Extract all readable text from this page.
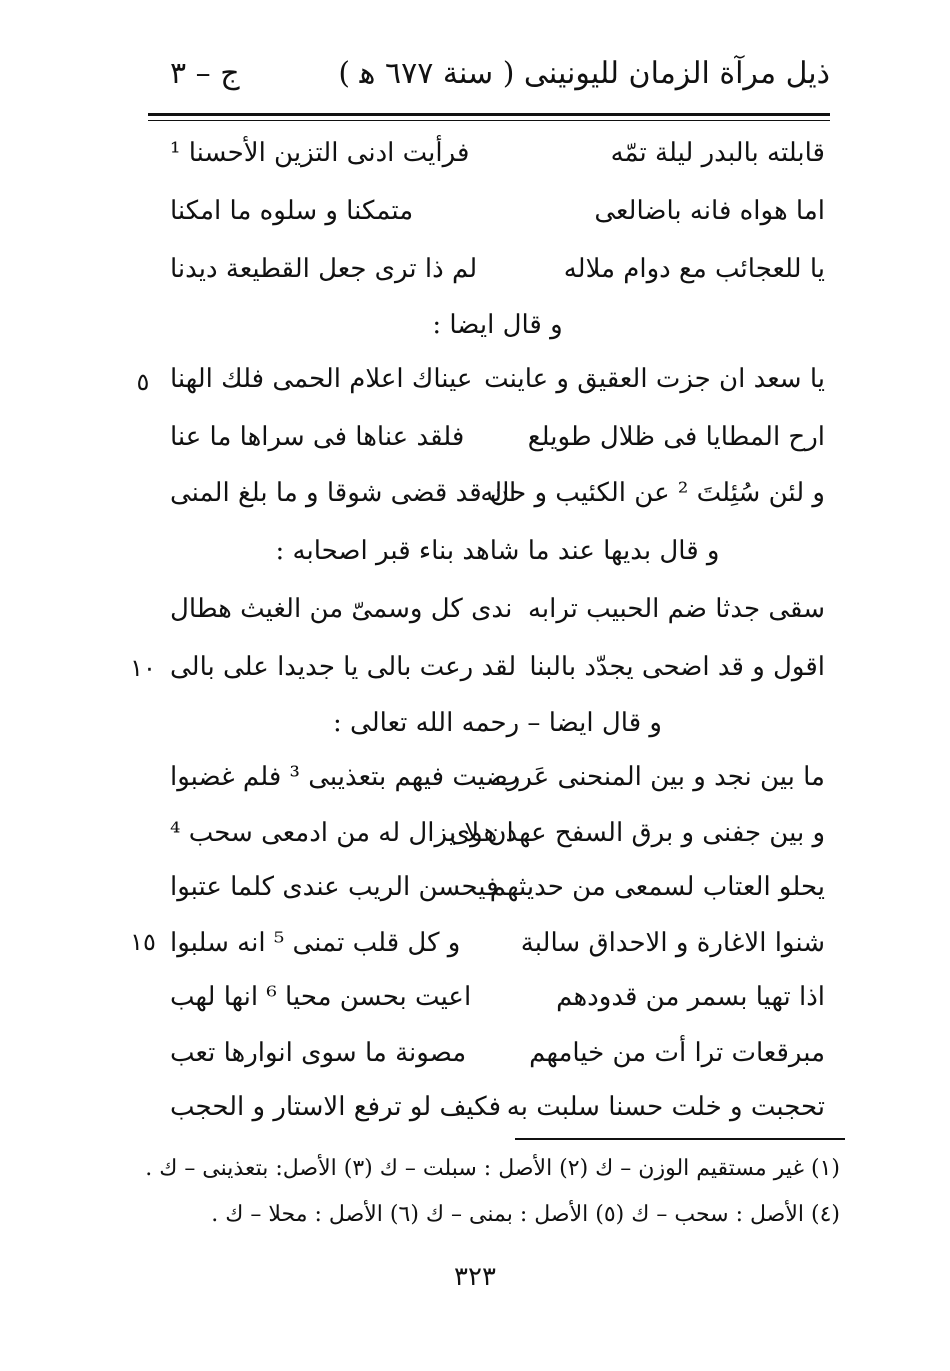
ذيل مرآة الزمان لليونينى ( سنة ٦٧٧ ﻫ )
ج – ٣
قابلته بالبدر ليلة تمّه
فرأيت ادنى التزين الأحسنا ¹
اما هواه فانه باضالعى
متمكنا و سلوه ما امكنا
يا للعجائب مع دوام ملاله
لم ذا ترى جعل القطيعة ديدنا
و قال ايضا :
يا سعد ان جزت العقيق و عاينت
عيناك اعلام الحمى فلك الهنا
٥
ارح المطايا فى ظلال طويلع
فلقد عناها فى سراها ما عنا
و لئن سُئِلتَ ² عن الكئيب و حاله
ان قد قضى شوقا و ما بلغ المنى
و قال بديها عند ما شاهد بناء قبر اصحابه :
سقى جدثا ضم الحبيب ترابه
ندى كل وسمىّ من الغيث هطال
اقول و قد اضحى يجدّد بالبنا
لقد رعت بالى يا جديدا على بالى
١٠
و قال ايضا – رحمه الله تعالى :
ما بين نجد و بين المنحنى عَرب
رضيت فيهم بتعذيبى ³ فلم غضبوا
و بين جفنى و برق السفح عهد هوى
ان لا يزال له من ادمعى سحب ⁴
يحلو العتاب لسمعى من حديثهم
فيحسن الريب عندى كلما عتبوا
شنوا الاغارة و الاحداق سالبة
و كل قلب تمنى ⁵ انه سلبوا
١٥
اذا تهيا بسمر من قدودهم
اعيت بحسن محيا ⁶ انها لهب
مبرقعات ترا أت من خيامهم
مصونة ما سوى انوارها تعب
تحجبت و خلت حسنا سلبت به
فكيف لو ترفع الاستار و الحجب
(١) غير مستقيم الوزن – ك (٢) الأصل : سبلت – ك (٣) الأصل: بتعذينى – ك .
(٤) الأصل : سحب – ك (٥) الأصل : بمنى – ك (٦) الأصل : محلا – ك .
٣٢٣
